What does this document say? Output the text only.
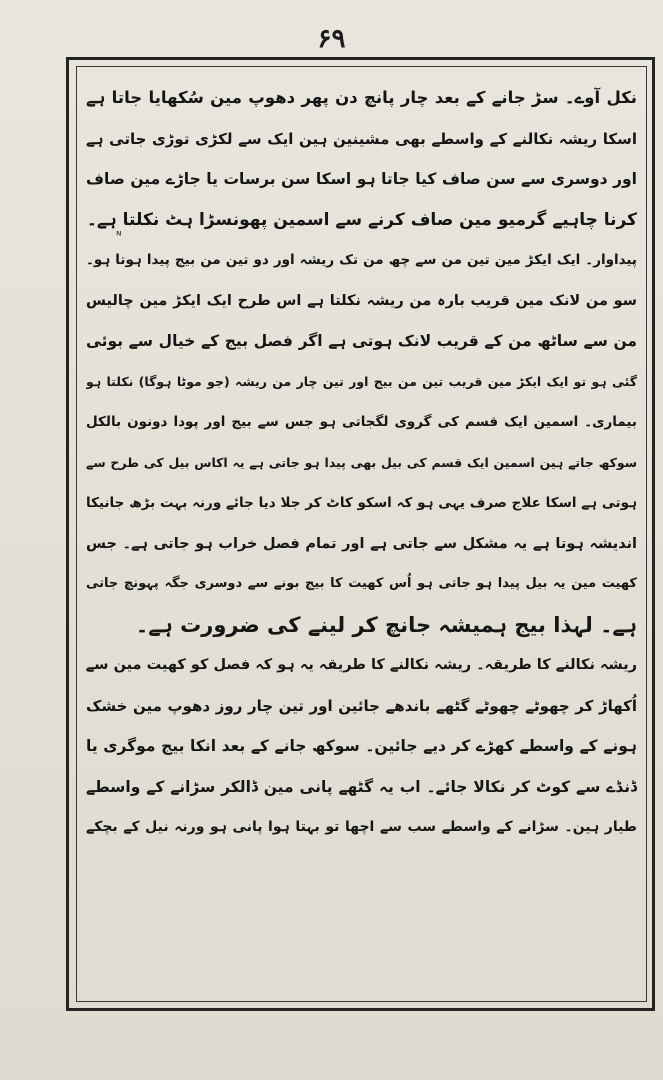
۶۹
ᶰ
نکل آوے۔ سڑ جانے کے بعد چار پانچ دن پھر دھوپ مین سُکھایا جاتا ہے
اسکا ریشہ نکالنے کے واسطے بھی مشینین ہین ایک سے لکڑی توڑی جاتی ہے
اور دوسری سے سن صاف کیا جاتا ہو اسکا سن برسات یا جاڑے مین صاف
کرنا چاہیے گرمیو مین صاف کرنے سے اسمین پھونسڑا ہٹ نکلتا ہے۔
پیداوار۔ ایک ایکڑ مین تین من سے چھ من تک ریشہ اور دو تین من بیج پیدا ہوتا ہو۔
سو من لانک مین قریب بارہ من ریشہ نکلتا ہے اس طرح ایک ایکڑ مین چالیس
من سے ساٹھ من کے قریب لانک ہوتی ہے اگر فصل بیج کے خیال سے بوئی
گئی ہو تو ایک ایکڑ مین قریب تین من بیج اور تین چار من ریشہ (جو موٹا ہوگا) نکلتا ہو
بیماری۔ اسمین ایک قسم کی گروی لگجاتی ہو جس سے بیج اور پودا دونون بالکل
سوکھ جاتے ہین اسمین ایک قسم کی بیل بھی پیدا ہو جاتی ہے یہ اکاس بیل کی طرح سے
ہوتی ہے اسکا علاج صرف یہی ہو کہ اسکو کاٹ کر جلا دیا جائے ورنہ بہت بڑھ جانیکا
اندیشہ ہوتا ہے یہ مشکل سے جاتی ہے اور تمام فصل خراب ہو جاتی ہے۔ جس
کھیت مین یہ بیل پیدا ہو جاتی ہو اُس کھیت کا بیج بونے سے دوسری جگہ پہونچ جاتی
ہے۔ لہذا بیج ہمیشہ جانچ کر لینے کی ضرورت ہے۔
ریشہ نکالنے کا طریقہ۔ ریشہ نکالنے کا طریقہ یہ ہو کہ فصل کو کھیت مین سے
اُکھاڑ کر چھوٹے چھوٹے گٹھے باندھے جائین اور تین چار روز دھوپ مین خشک
ہونے کے واسطے کھڑے کر دیے جائین۔ سوکھ جانے کے بعد انکا بیج موگری یا
ڈنڈے سے کوٹ کر نکالا جائے۔ اب یہ گٹھے پانی مین ڈالکر سڑانے کے واسطے
طیار ہین۔ سڑانے کے واسطے سب سے اچھا تو بہتا ہوا پانی ہو ورنہ نیل کے بچکے
